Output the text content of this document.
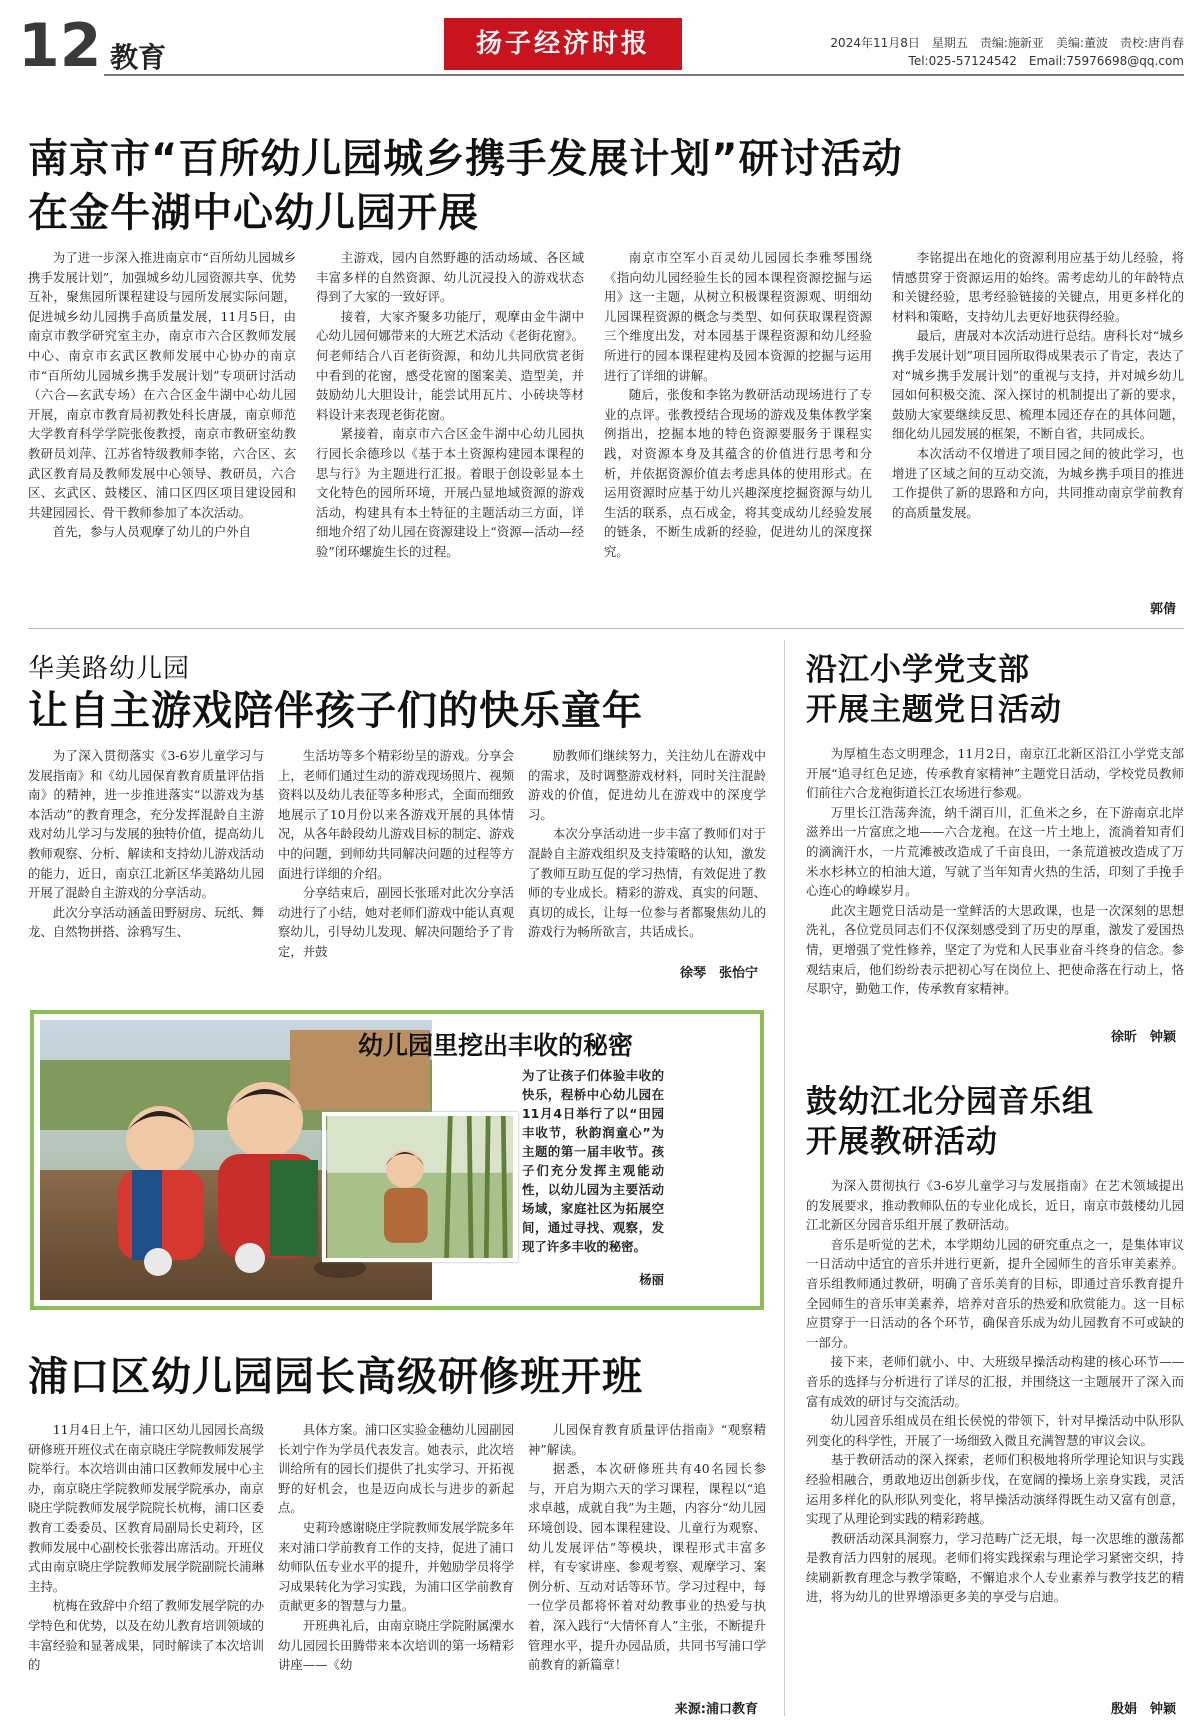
12 教育	扬子经济时报	2024年11月8日　星期五　责编:施新亚　美编:董波　责校:唐肖春
Tel:025-57124542　Email:75976698@qq.com
南京市“百所幼儿园城乡携手发展计划”研讨活动
在金牛湖中心幼儿园开展

为了进一步深入推进南京市“百所幼儿园城乡携手发展计划”，加强城乡幼儿园资源共享、优势互补，聚焦园所课程建设与园所发展实际问题，促进城乡幼儿园携手高质量发展，11月5日，由南京市教学研究室主办，南京市六合区教师发展中心、南京市玄武区教师发展中心协办的南京市“百所幼儿园城乡携手发展计划”专项研讨活动（六合—玄武专场）在六合区金牛湖中心幼儿园开展，南京市教育局初教处科长唐晟，南京师范大学教育科学学院张俊教授，南京市教研室幼教教研员刘萍、江苏省特级教师李铭，六合区、玄武区教育局及教师发展中心领导、教研员，六合区、玄武区、鼓楼区、浦口区四区项目建设园和共建园园长、骨干教师参加了本次活动。

首先，参与人员观摩了幼儿的户外自

主游戏，园内自然野趣的活动场域、各区域丰富多样的自然资源、幼儿沉浸投入的游戏状态得到了大家的一致好评。

接着，大家齐聚多功能厅，观摩由金牛湖中心幼儿园何娜带来的大班艺术活动《老街花窗》。何老师结合八百老街资源，和幼儿共同欣赏老街中看到的花窗，感受花窗的图案美、造型美，并鼓励幼儿大胆设计，能尝试用瓦片、小砖块等材料设计来表现老街花窗。

紧接着，南京市六合区金牛湖中心幼儿园执行园长余德珍以《基于本土资源构建园本课程的思与行》为主题进行汇报。着眼于创设彰显本土文化特色的园所环境，开展凸显地域资源的游戏活动，构建具有本土特征的主题活动三方面，详细地介绍了幼儿园在资源建设上“资源—活动—经验”闭环螺旋生长的过程。

南京市空军小百灵幼儿园园长李雅琴围绕《指向幼儿园经验生长的园本课程资源挖掘与运用》这一主题，从树立积极课程资源观、明细幼儿园课程资源的概念与类型、如何获取课程资源三个维度出发，对本园基于课程资源和幼儿经验所进行的园本课程建构及园本资源的挖掘与运用进行了详细的讲解。

随后，张俊和李铭为教研活动现场进行了专业的点评。张教授结合现场的游戏及集体教学案例指出，挖掘本地的特色资源要服务于课程实践，对资源本身及其蕴含的价值进行思考和分析，并依据资源价值去考虑具体的使用形式。在运用资源时应基于幼儿兴趣深度挖掘资源与幼儿生活的联系，点石成金，将其变成幼儿经验发展的链条，不断生成新的经验，促进幼儿的深度探究。

李铭提出在地化的资源利用应基于幼儿经验，将情感贯穿于资源运用的始终。需考虑幼儿的年龄特点和关键经验，思考经验链接的关键点，用更多样化的材料和策略，支持幼儿去更好地获得经验。

最后，唐晟对本次活动进行总结。唐科长对“城乡携手发展计划”项目园所取得成果表示了肯定，表达了对“城乡携手发展计划”的重视与支持，并对城乡幼儿园如何积极交流、深入探讨的机制提出了新的要求，鼓励大家要继续反思、梳理本园还存在的具体问题，细化幼儿园发展的框架，不断自省，共同成长。

本次活动不仅增进了项目园之间的彼此学习，也增进了区域之间的互动交流，为城乡携手项目的推进工作提供了新的思路和方向，共同推动南京学前教育的高质量发展。

郭倩
华美路幼儿园
让自主游戏陪伴孩子们的快乐童年

为了深入贯彻落实《3-6岁儿童学习与发展指南》和《幼儿园保育教育质量评估指南》的精神，进一步推进落实“以游戏为基本活动”的教育理念，充分发挥混龄自主游戏对幼儿学习与发展的独特价值，提高幼儿教师观察、分析、解读和支持幼儿游戏活动的能力，近日，南京江北新区华美路幼儿园开展了混龄自主游戏的分享活动。

此次分享活动涵盖田野厨房、玩纸、舞龙、自然物拼搭、涂鸦写生、

生活坊等多个精彩纷呈的游戏。分享会上，老师们通过生动的游戏现场照片、视频资料以及幼儿表征等多种形式，全面而细致地展示了10月份以来各游戏开展的具体情况，从各年龄段幼儿游戏目标的制定、游戏中的问题，到师幼共同解决问题的过程等方面进行详细的介绍。

分享结束后，副园长张瑶对此次分享活动进行了小结，她对老师们游戏中能认真观察幼儿，引导幼儿发现、解决问题给予了肯定，并鼓

励教师们继续努力，关注幼儿在游戏中的需求，及时调整游戏材料，同时关注混龄游戏的价值，促进幼儿在游戏中的深度学习。

本次分享活动进一步丰富了教师们对于混龄自主游戏组织及支持策略的认知，激发了教师互助互促的学习热情，有效促进了教师的专业成长。精彩的游戏、真实的问题、真切的成长，让每一位参与者都聚焦幼儿的游戏行为畅所欲言，共话成长。

徐琴　张怡宁
幼儿园里挖出丰收的秘密
为了让孩子们体验丰收的快乐，程桥中心幼儿园在11月4日举行了以“田园丰收节，秋韵润童心”为主题的第一届丰收节。孩子们充分发挥主观能动性，以幼儿园为主要活动场域，家庭社区为拓展空间，通过寻找、观察，发现了许多丰收的秘密。
杨丽
浦口区幼儿园园长高级研修班开班

11月4日上午，浦口区幼儿园园长高级研修班开班仪式在南京晓庄学院教师发展学院举行。本次培训由浦口区教师发展中心主办，南京晓庄学院教师发展学院承办，南京晓庄学院教师发展学院院长杭梅，浦口区委教育工委委员、区教育局副局长史莉玲，区教师发展中心副校长张蓉出席活动。开班仪式由南京晓庄学院教师发展学院副院长浦琳主持。

杭梅在致辞中介绍了教师发展学院的办学特色和优势，以及在幼儿教育培训领域的丰富经验和显著成果，同时解读了本次培训的

具体方案。浦口区实验金穗幼儿园副园长刘宁作为学员代表发言。她表示，此次培训给所有的园长们提供了扎实学习、开拓视野的好机会，也是迈向成长与进步的新起点。

史莉玲感谢晓庄学院教师发展学院多年来对浦口学前教育工作的支持，促进了浦口幼师队伍专业水平的提升，并勉励学员将学习成果转化为学习实践，为浦口区学前教育贡献更多的智慧与力量。

开班典礼后，由南京晓庄学院附属溧水幼儿园园长田腾带来本次培训的第一场精彩讲座——《幼

儿园保育教育质量评估指南》“观察精神”解读。

据悉，本次研修班共有40名园长参与，开启为期六天的学习课程，课程以“追求卓越，成就自我”为主题，内容分“幼儿园环境创设、园本课程建设、儿童行为观察、幼儿发展评估”等模块，课程形式丰富多样，有专家讲座、参观考察、观摩学习、案例分析、互动对话等环节。学习过程中，每一位学员都将怀着对幼教事业的热爱与执着，深入践行“大情怀育人”主张，不断提升管理水平，提升办园品质，共同书写浦口学前教育的新篇章！

来源:浦口教育
沿江小学党支部
开展主题党日活动

为厚植生态文明理念，11月2日，南京江北新区沿江小学党支部开展“追寻红色足迹，传承教育家精神”主题党日活动，学校党员教师们前往六合龙袍街道长江农场进行参观。

万里长江浩荡奔流，纳千湖百川，汇鱼米之乡，在下游南京北岸滋养出一片富庶之地——六合龙袍。在这一片土地上，流淌着知青们的滴滴汗水，一片荒滩被改造成了千亩良田，一条荒道被改造成了万米水杉林立的柏油大道，写就了当年知青火热的生活，印刻了手挽手心连心的峥嵘岁月。

此次主题党日活动是一堂鲜活的大思政课，也是一次深刻的思想洗礼，各位党员同志们不仅深刻感受到了历史的厚重，激发了爱国热情，更增强了党性修养，坚定了为党和人民事业奋斗终身的信念。参观结束后，他们纷纷表示把初心写在岗位上、把使命落在行动上，恪尽职守，勤勉工作，传承教育家精神。

徐昕　钟颖
鼓幼江北分园音乐组
开展教研活动

为深入贯彻执行《3-6岁儿童学习与发展指南》在艺术领域提出的发展要求，推动教师队伍的专业化成长，近日，南京市鼓楼幼儿园江北新区分园音乐组开展了教研活动。

音乐是听觉的艺术，本学期幼儿园的研究重点之一，是集体审议一日活动中适宜的音乐并进行更新，提升全园师生的音乐审美素养。音乐组教师通过教研，明确了音乐美育的目标，即通过音乐教育提升全园师生的音乐审美素养，培养对音乐的热爱和欣赏能力。这一目标应贯穿于一日活动的各个环节，确保音乐成为幼儿园教育不可或缺的一部分。

接下来，老师们就小、中、大班级早操活动构建的核心环节——音乐的选择与分析进行了详尽的汇报，并围绕这一主题展开了深入而富有成效的研讨与交流活动。

幼儿园音乐组成员在组长侯悦的带领下，针对早操活动中队形队列变化的科学性，开展了一场细致入微且充满智慧的审议会议。

基于教研活动的深入探索，老师们积极地将所学理论知识与实践经验相融合，勇敢地迈出创新步伐，在宽阔的操场上亲身实践，灵活运用多样化的队形队列变化，将早操活动演绎得既生动又富有创意，实现了从理论到实践的精彩跨越。

教研活动深具洞察力，学习范畴广泛无垠，每一次思维的激荡都是教育活力四射的展现。老师们将实践探索与理论学习紧密交织，持续刷新教育理念与教学策略，不懈追求个人专业素养与教学技艺的精进，将为幼儿的世界增添更多美的享受与启迪。

殷娟　钟颖
